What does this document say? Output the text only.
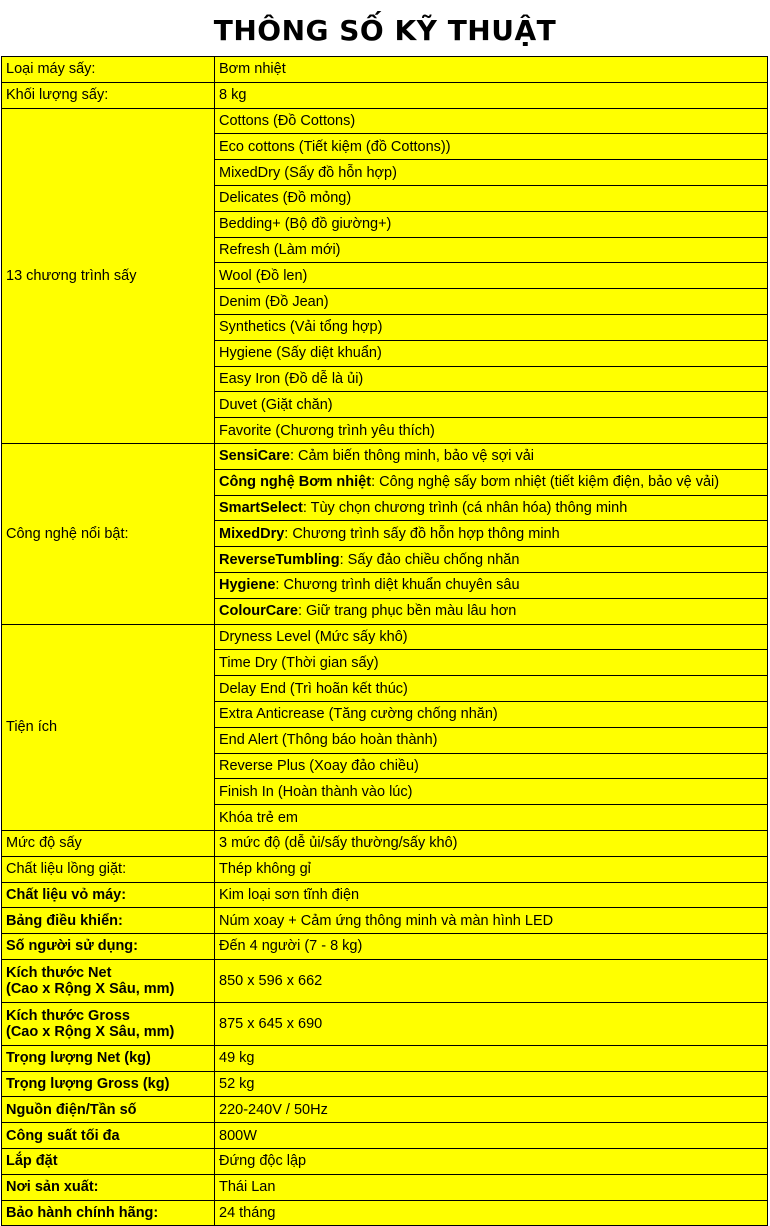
THÔNG SỐ KỸ THUẬT
Loại máy sấy:	Bơm nhiệt
Khối lượng sấy:	8 kg
13 chương trình sấy	Cottons (Đồ Cottons)
	Eco cottons (Tiết kiệm (đồ Cottons))
	MixedDry (Sấy đồ hỗn hợp)
	Delicates (Đồ mỏng)
	Bedding+ (Bộ đồ giường+)
	Refresh (Làm mới)
	Wool (Đồ len)
	Denim (Đồ Jean)
	Synthetics (Vải tổng hợp)
	Hygiene (Sấy diệt khuẩn)
	Easy Iron (Đồ dễ là ủi)
	Duvet (Giặt chăn)
	Favorite (Chương trình yêu thích)
Công nghệ nổi bật:	SensiCare: Cảm biến thông minh, bảo vệ sợi vải
	Công nghệ Bơm nhiệt: Công nghệ sấy bơm nhiệt (tiết kiệm điện, bảo vệ vải)
	SmartSelect: Tùy chọn chương trình (cá nhân hóa) thông minh
	MixedDry: Chương trình sấy đồ hỗn hợp thông minh
	ReverseTumbling: Sấy đảo chiều chống nhăn
	Hygiene: Chương trình diệt khuẩn chuyên sâu
	ColourCare: Giữ trang phục bền màu lâu hơn
Tiện ích	Dryness Level (Mức sấy khô)
	Time Dry (Thời gian sấy)
	Delay End (Trì hoãn kết thúc)
	Extra Anticrease (Tăng cường chống nhăn)
	End Alert (Thông báo hoàn thành)
	Reverse Plus (Xoay đảo chiều)
	Finish In (Hoàn thành vào lúc)
	Khóa trẻ em
Mức độ sấy	3 mức độ (dễ ủi/sấy thường/sấy khô)
Chất liệu lồng giặt:	Thép không gỉ
Chất liệu vỏ máy:	Kim loại sơn tĩnh điện
Bảng điều khiển:	Núm xoay + Cảm ứng thông minh và màn hình LED
Số người sử dụng:	Đến 4 người (7 - 8 kg)

Kích thước Net
(Cao x Rộng X Sâu, mm)	850 x 596 x 662

Kích thước Gross
(Cao x Rộng X Sâu, mm)	875 x 645 x 690
Trọng lượng Net (kg)	49 kg
Trọng lượng Gross (kg)	52 kg
Nguồn điện/Tần số	220-240V / 50Hz
Công suất tối đa	800W
Lắp đặt	Đứng độc lập
Nơi sản xuất:	Thái Lan
Bảo hành chính hãng:	24 tháng
